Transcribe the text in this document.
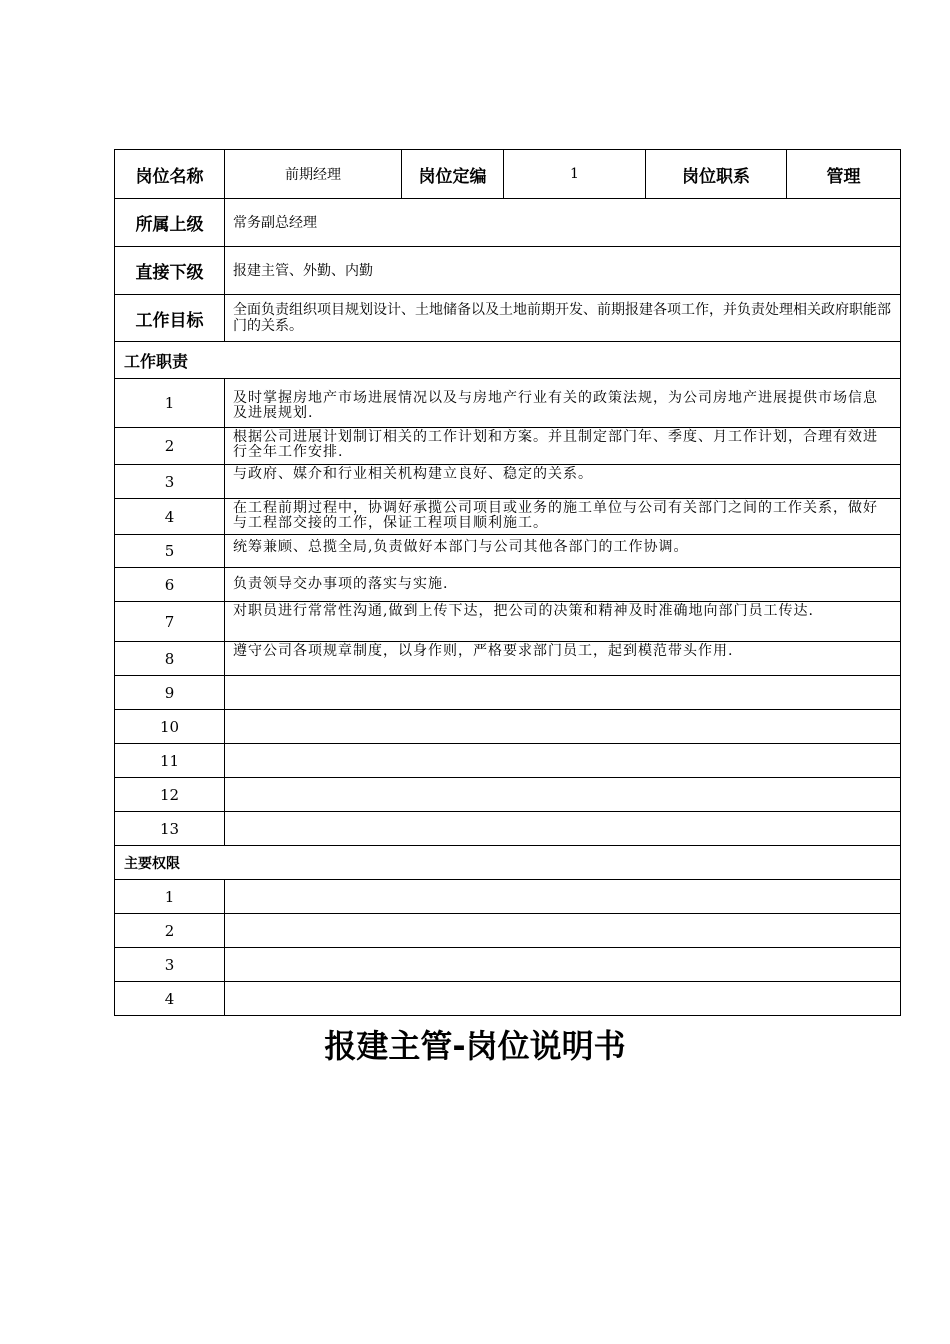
岗位名称	前期经理	岗位定编	1	岗位职系	管理
所属上级	常务副总经理				
直接下级	报建主管、外勤、内勤				
工作目标	全面负责组织项目规划设计、土地储备以及土地前期开发、前期报建各项工作，并负责处理相关政府职能部门的关系。				
工作职责					
1	及时掌握房地产市场进展情况以及与房地产行业有关的政策法规，为公司房地产进展提供市场信息及进展规划.				
2	根据公司进展计划制订相关的工作计划和方案。并且制定部门年、季度、月工作计划，合理有效进行全年工作安排.				
3	与政府、媒介和行业相关机构建立良好、稳定的关系。				
4	在工程前期过程中，协调好承揽公司项目或业务的施工单位与公司有关部门之间的工作关系，做好与工程部交接的工作，保证工程项目顺利施工。				
5	统筹兼顾、总揽全局,负责做好本部门与公司其他各部门的工作协调。				
6	负责领导交办事项的落实与实施.				
7	对职员进行常常性沟通,做到上传下达，把公司的决策和精神及时准确地向部门员工传达.				
8	遵守公司各项规章制度，以身作则，严格要求部门员工，起到模范带头作用.				
9					
10					
11					
12					
13					
主要权限					
1					
2					
3					
4					
报建主管-岗位说明书
